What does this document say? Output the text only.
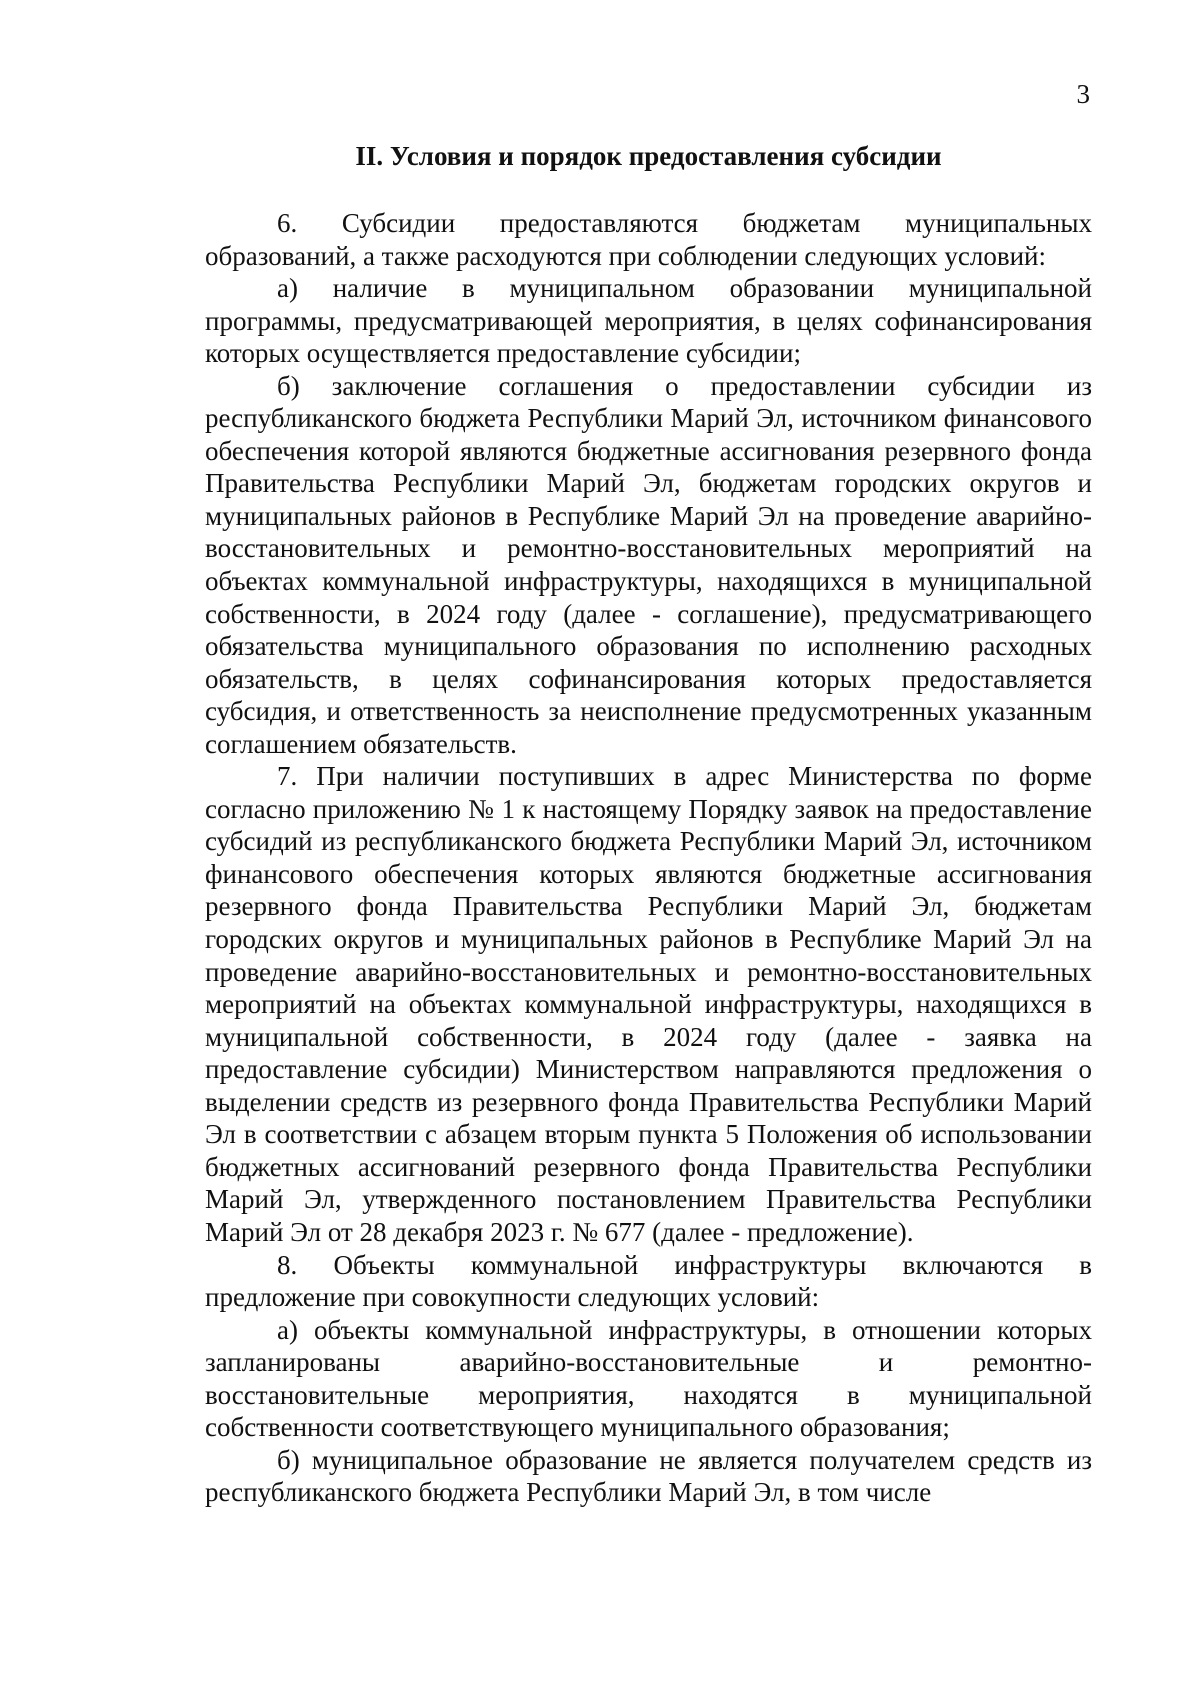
3
II. Условия и порядок предоставления субсидии

6. Субсидии предоставляются бюджетам муниципальных образований, а также расходуются при соблюдении следующих условий:

а) наличие в муниципальном образовании муниципальной программы, предусматривающей мероприятия, в целях софинансирования которых осуществляется предоставление субсидии;

б) заключение соглашения о предоставлении субсидии из республиканского бюджета Республики Марий Эл, источником финансового обеспечения которой являются бюджетные ассигнования резервного фонда Правительства Республики Марий Эл, бюджетам городских округов и муниципальных районов в Республике Марий Эл на проведение аварийно-восстановительных и ремонтно-восстановительных мероприятий на объектах коммунальной инфраструктуры, находящихся в муниципальной собственности, в 2024 году (далее - соглашение), предусматривающего обязательства муниципального образования по исполнению расходных обязательств, в целях софинансирования которых предоставляется субсидия, и ответственность за неисполнение предусмотренных указанным соглашением обязательств.

7. При наличии поступивших в адрес Министерства по форме согласно приложению № 1 к настоящему Порядку заявок на предоставление субсидий из республиканского бюджета Республики Марий Эл, источником финансового обеспечения которых являются бюджетные ассигнования резервного фонда Правительства Республики Марий Эл, бюджетам городских округов и муниципальных районов в Республике Марий Эл на проведение аварийно-восстановительных и ремонтно-восстановительных мероприятий на объектах коммунальной инфраструктуры, находящихся в муниципальной собственности, в 2024 году (далее - заявка на предоставление субсидии) Министерством направляются предложения о выделении средств из резервного фонда Правительства Республики Марий Эл в соответствии с абзацем вторым пункта 5 Положения об использовании бюджетных ассигнований резервного фонда Правительства Республики Марий Эл, утвержденного постановлением Правительства Республики Марий Эл от 28 декабря 2023 г. № 677 (далее - предложение).

8. Объекты коммунальной инфраструктуры включаются в предложение при совокупности следующих условий:

а) объекты коммунальной инфраструктуры, в отношении которых запланированы аварийно-восстановительные и ремонтно-восстановительные мероприятия, находятся в муниципальной собственности соответствующего муниципального образования;

б) муниципальное образование не является получателем средств из республиканского бюджета Республики Марий Эл, в том числе
